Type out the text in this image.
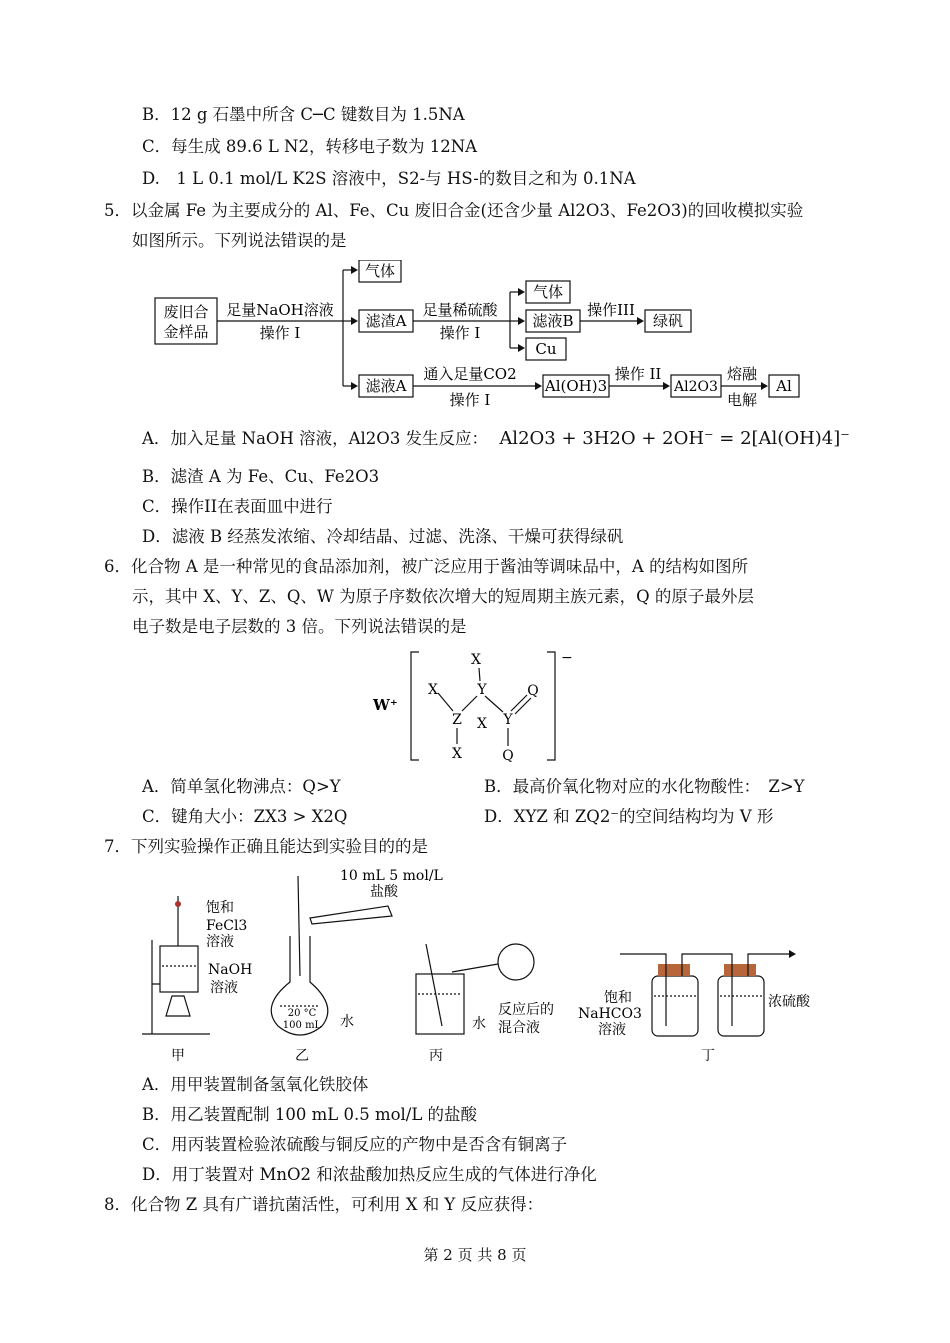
B．12 g 石墨中所含 C─C 键数目为 1.5NA
C．每生成 89.6 L N2，转移电子数为 12NA
D.　1 L 0.1 mol/L K2S 溶液中，S2-与 HS-的数目之和为 0.1NA
5．以金属 Fe 为主要成分的 Al、Fe、Cu 废旧合金(还含少量 Al2O3、Fe2O3)的回收模拟实验
如图所示。下列说法错误的是
废旧合
金样品
足量NaOH溶液
操作 I
气体
滤渣A
足量稀硫酸
操作 I
气体
滤液B
Cu
操作III
绿矾
滤液A
通入足量CO2
操作 I
Al(OH)3
操作 II
Al2O3
熔融
电解
Al
A．加入足量 NaOH 溶液，Al2O3 发生反应： Al2O3 + 3H2O + 2OH⁻ = 2[Al(OH)4]⁻
B．滤渣 A 为 Fe、Cu、Fe2O3
C．操作II在表面皿中进行
D．滤液 B 经蒸发浓缩、冷却结晶、过滤、洗涤、干燥可获得绿矾
6．化合物 A 是一种常见的食品添加剂，被广泛应用于酱油等调味品中，A 的结构如图所
示，其中 X、Y、Z、Q、W 为原子序数依次增大的短周期主族元素，Q 的原子最外层
电子数是电子层数的 3 倍。下列说法错误的是
W⁺
−
X
X	Y	Q
Z X Y
X	Q
A．简单氢化物沸点：Q>Y	B．最高价氧化物对应的水化物酸性：　Z>Y
C．键角大小：ZX3 > X2Q	D．XYZ 和 ZQ2⁻的空间结构均为 V 形
7．下列实验操作正确且能达到实验目的的是
饱和
FeCl3
溶液
NaOH
溶液
甲
10 mL 5 mol/L
盐酸
20 °C
100 mL 水
乙
水
反应后的
混合液
丙
饱和
NaHCO3
溶液
浓硫酸
丁
A．用甲装置制备氢氧化铁胶体
B．用乙装置配制 100 mL 0.5 mol/L 的盐酸
C．用丙装置检验浓硫酸与铜反应的产物中是否含有铜离子
D．用丁装置对 MnO2 和浓盐酸加热反应生成的气体进行净化
8．化合物 Z 具有广谱抗菌活性，可利用 X 和 Y 反应获得：
第 2 页 共 8 页
